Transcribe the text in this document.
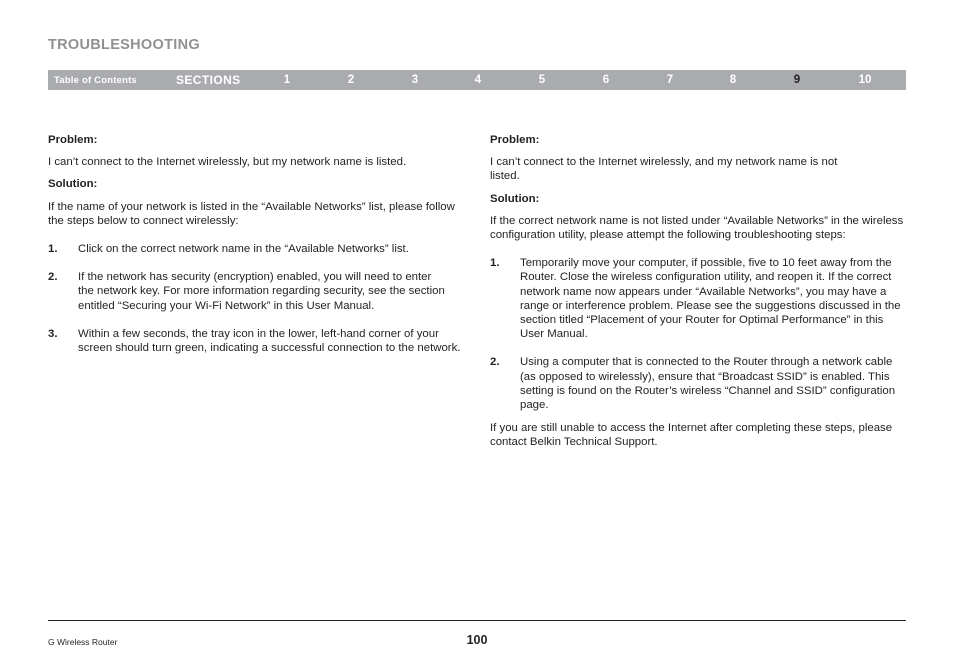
TROUBLESHOOTING
Table of Contents	SECTIONS	1	2	3	4	5	6	7	8	9	10

Problem:

I can’t connect to the Internet wirelessly, but my network name is listed.

Solution:

If the name of your network is listed in the “Available Networks” list, please follow the steps below to connect wirelessly:

1.	Click on the correct network name in the “Available Networks” list.
2.	If the network has security (encryption) enabled, you will need to enter the network key. For more information regarding security, see the section entitled “Securing your Wi-Fi Network” in this User Manual.
3.	Within a few seconds, the tray icon in the lower, left-hand corner of your screen should turn green, indicating a successful connection to the network.

Problem:

I can’t connect to the Internet wirelessly, and my network name is not listed.

Solution:

If the correct network name is not listed under “Available Networks” in the wireless configuration utility, please attempt the following troubleshooting steps:

1.	Temporarily move your computer, if possible, five to 10 feet away from the Router. Close the wireless configuration utility, and reopen it. If the correct network name now appears under “Available Networks”, you may have a range or interference problem. Please see the suggestions discussed in the section titled “Placement of your Router for Optimal Performance” in this User Manual.
2.	Using a computer that is connected to the Router through a network cable (as opposed to wirelessly), ensure that “Broadcast SSID” is enabled. This setting is found on the Router’s wireless “Channel and SSID” configuration page.

If you are still unable to access the Internet after completing these steps, please contact Belkin Technical Support.

G Wireless Router	100
